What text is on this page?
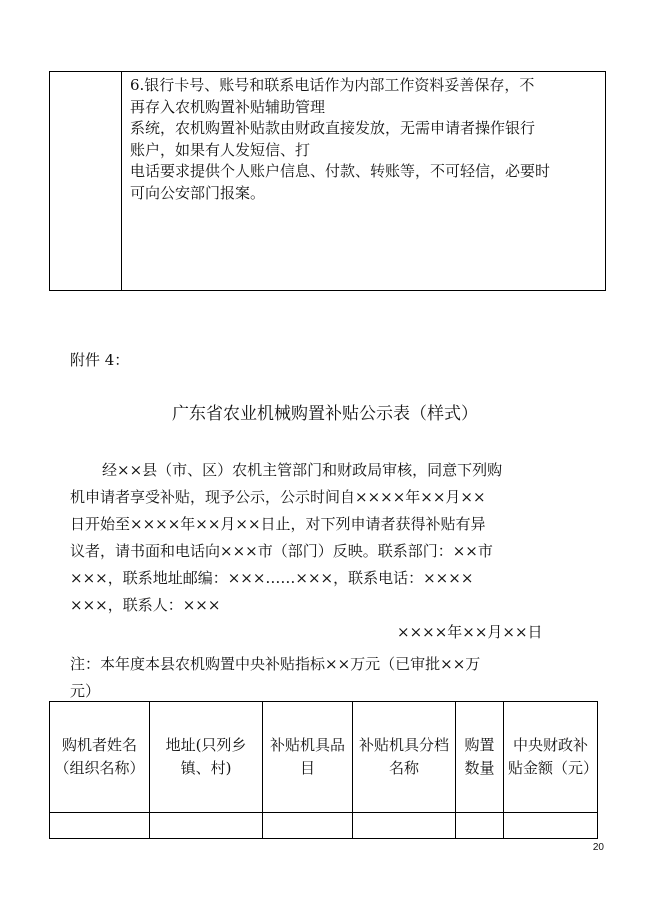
6.银行卡号、账号和联系电话作为内部工作资料妥善保存，不
再存入农机购置补贴辅助管理
系统，农机购置补贴款由财政直接发放，无需申请者操作银行
账户，如果有人发短信、打
电话要求提供个人账户信息、付款、转账等，不可轻信，必要时
可向公安部门报案。
附件 4：
广东省农业机械购置补贴公示表（样式）
经××县（市、区）农机主管部门和财政局审核，同意下列购
机申请者享受补贴，现予公示，公示时间自××××年××月××
日开始至××××年××月××日止，对下列申请者获得补贴有异
议者，请书面和电话向×××市（部门）反映。联系部门：××市
×××，联系地址邮编：×××……×××，联系电话：××××
×××，联系人：×××
××××年××月××日
注：本年度本县农机购置中央补贴指标××万元（已审批××万
元）
购机者姓名（组织名称）	地址(只列乡镇、村)	补贴机具品目	补贴机具分档名称	购置数量	中央财政补贴金额（元）

20
